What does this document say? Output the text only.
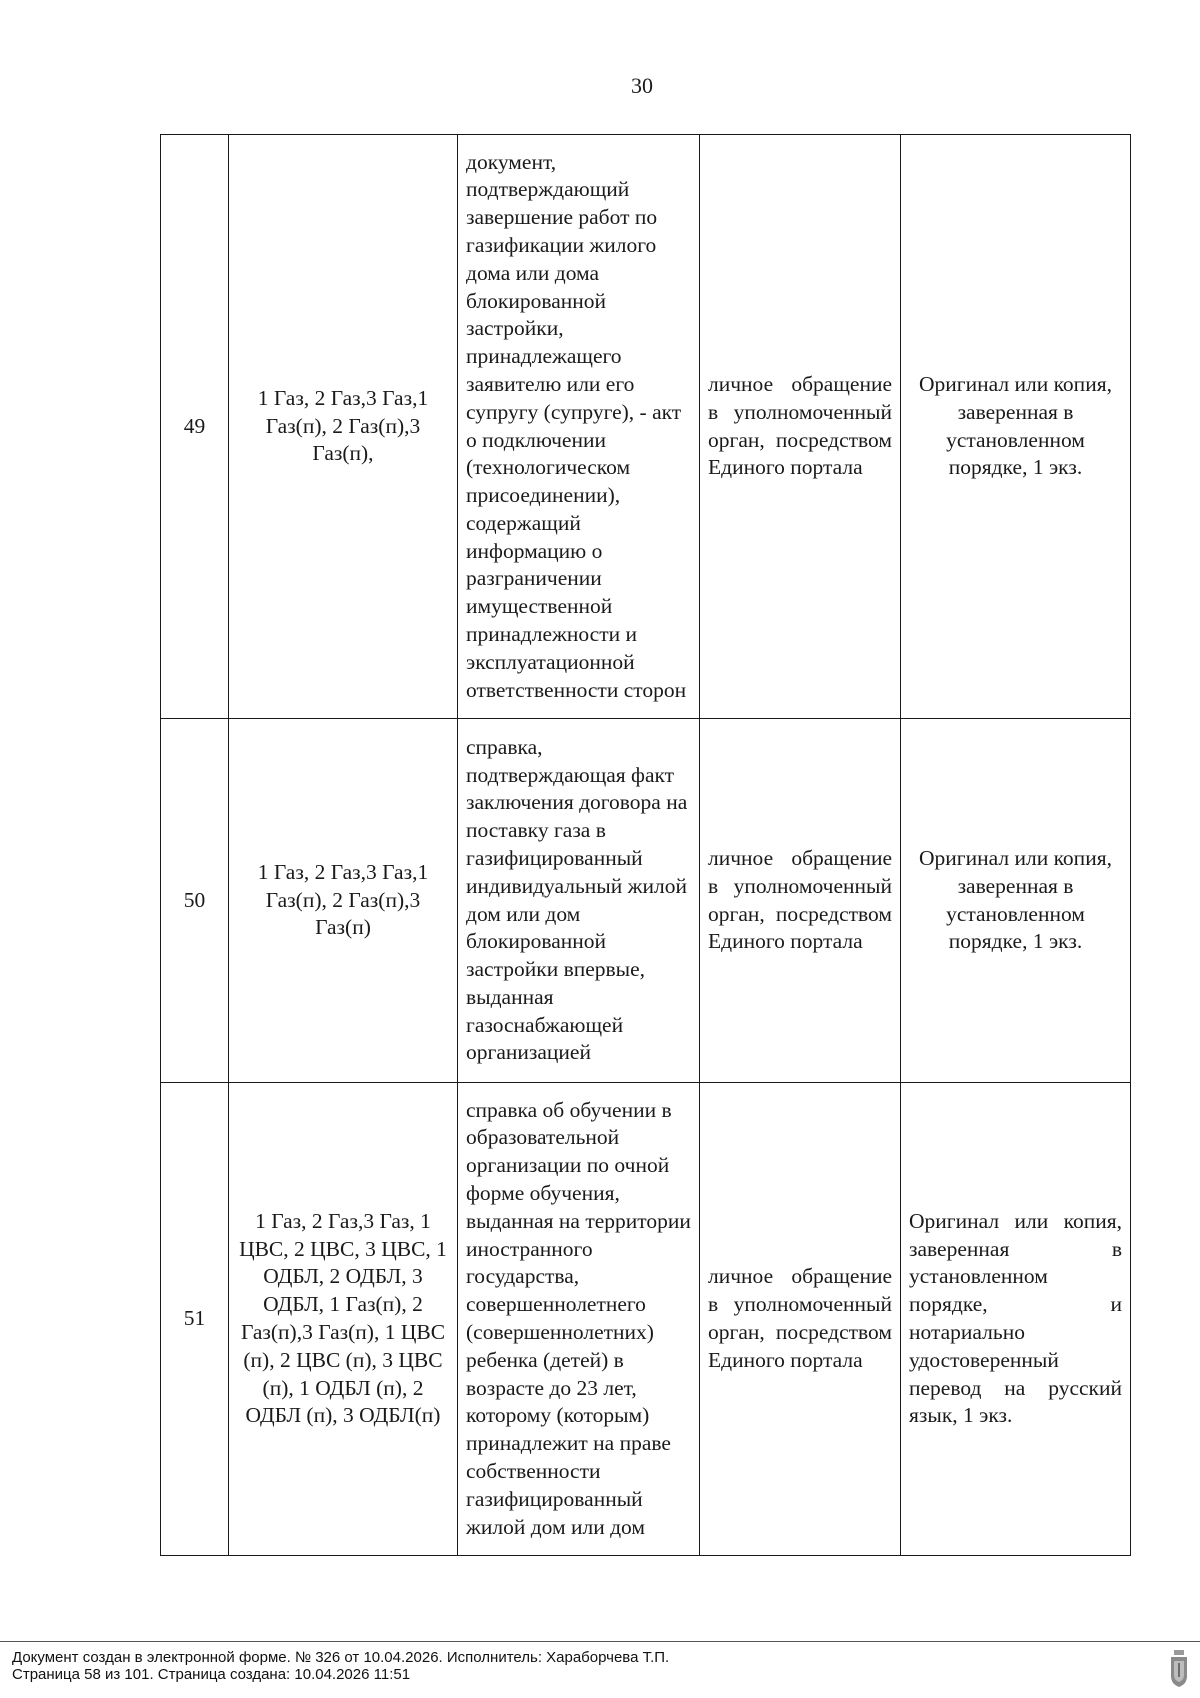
30
49	1 Газ, 2 Газ,3 Газ,1 Газ(п), 2 Газ(п),3 Газ(п),	документ, подтверждающий завершение работ по газификации жилого дома или дома блокированной застройки, принадлежащего заявителю или его супругу (супруге), - акт о подключении (технологическом присоединении), содержащий информацию о разграничении имущественной принадлежности и эксплуатационной ответственности сторон	личное обращение в уполномоченный орган, посредством Единого портала	Оригинал или копия, заверенная в установленном порядке, 1 экз.
50	1 Газ, 2 Газ,3 Газ,1 Газ(п), 2 Газ(п),3 Газ(п)	справка, подтверждающая факт заключения договора на поставку газа в газифицированный индивидуальный жилой дом или дом блокированной застройки впервые, выданная газоснабжающей организацией	личное обращение в уполномоченный орган, посредством Единого портала	Оригинал или копия, заверенная в установленном порядке, 1 экз.
51	1 Газ, 2 Газ,3 Газ, 1 ЦВС, 2 ЦВС, 3 ЦВС, 1 ОДБЛ, 2 ОДБЛ, 3 ОДБЛ, 1 Газ(п), 2 Газ(п),3 Газ(п), 1 ЦВС (п), 2 ЦВС (п), 3 ЦВС (п), 1 ОДБЛ (п), 2 ОДБЛ (п), 3 ОДБЛ(п)	справка об обучении в образовательной организации по очной форме обучения, выданная на территории иностранного государства, совершеннолетнего (совершеннолетних) ребенка (детей) в возрасте до 23 лет, которому (которым) принадлежит на праве собственности газифицированный жилой дом или дом	личное обращение в уполномоченный орган, посредством Единого портала	Оригинал или копия, заверенная в установленном порядке, и нотариально удостоверенный перевод на русский язык, 1 экз.
Документ создан в электронной форме. № 326 от 10.04.2026. Исполнитель: Хараборчева Т.П.
Страница 58 из 101. Страница создана: 10.04.2026 11:51
